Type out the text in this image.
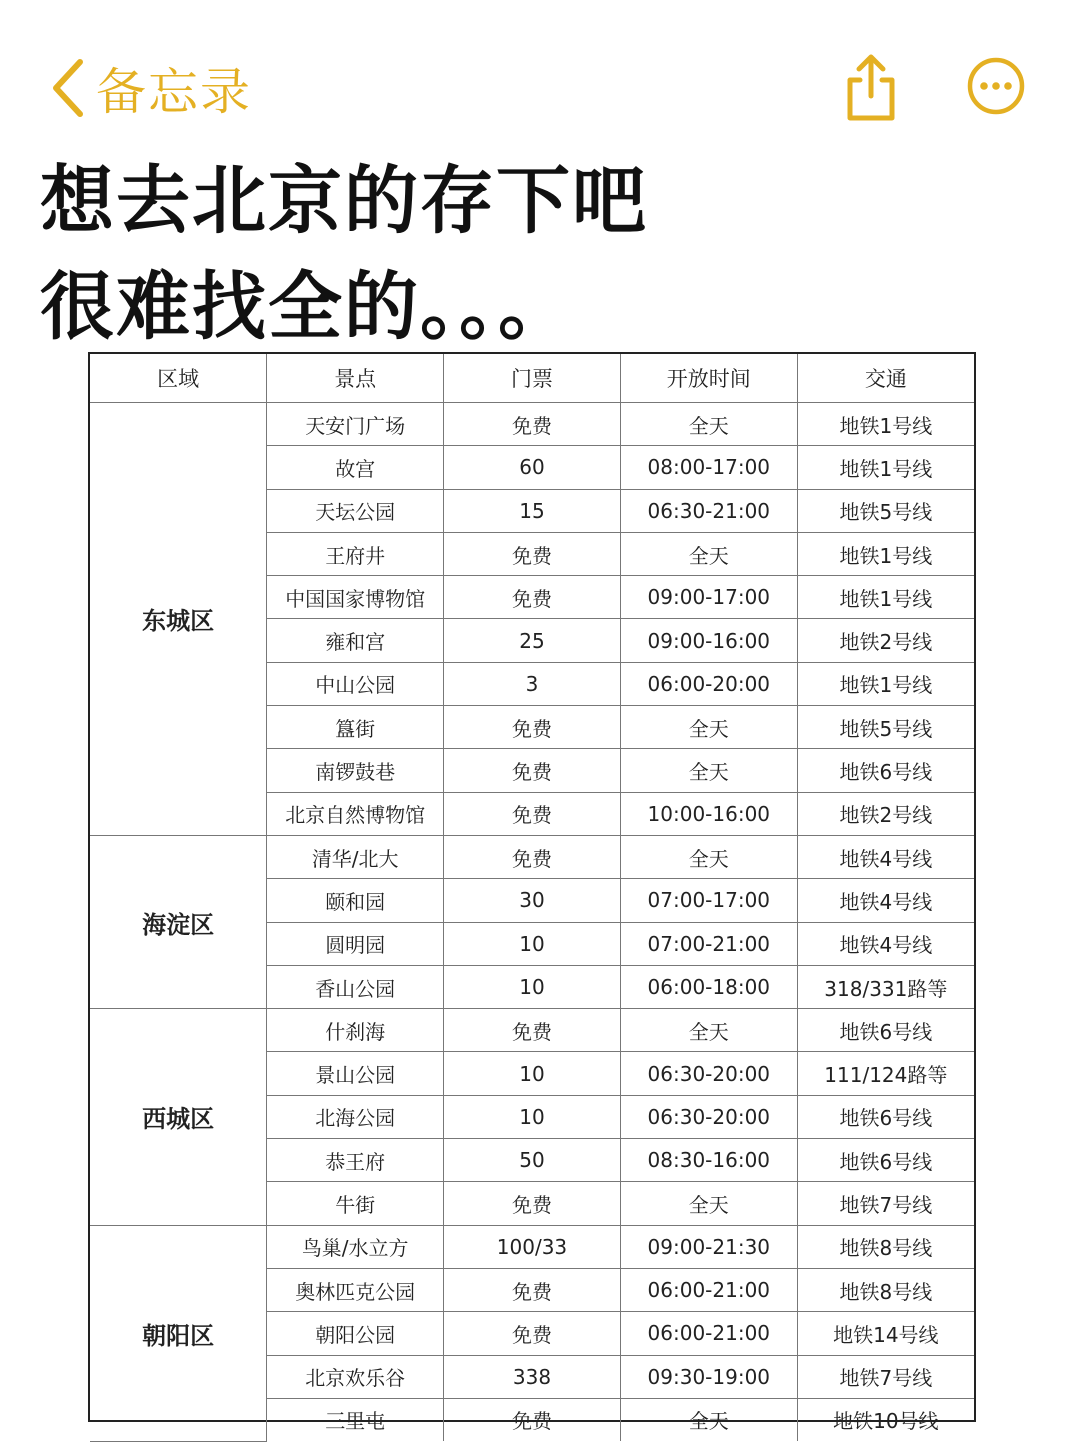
备忘录
想去北京的存下吧
很难找全的。。。
区域	景点	门票	开放时间	交通
东城区	天安门广场	免费	全天	地铁1号线
	故宫	60	08:00-17:00	地铁1号线
	天坛公园	15	06:30-21:00	地铁5号线
	王府井	免费	全天	地铁1号线
	中国国家博物馆	免费	09:00-17:00	地铁1号线
	雍和宫	25	09:00-16:00	地铁2号线
	中山公园	3	06:00-20:00	地铁1号线
	簋街	免费	全天	地铁5号线
	南锣鼓巷	免费	全天	地铁6号线
	北京自然博物馆	免费	10:00-16:00	地铁2号线
海淀区	清华/北大	免费	全天	地铁4号线
	颐和园	30	07:00-17:00	地铁4号线
	圆明园	10	07:00-21:00	地铁4号线
	香山公园	10	06:00-18:00	318/331路等
西城区	什刹海	免费	全天	地铁6号线
	景山公园	10	06:30-20:00	111/124路等
	北海公园	10	06:30-20:00	地铁6号线
	恭王府	50	08:30-16:00	地铁6号线
	牛街	免费	全天	地铁7号线
朝阳区	鸟巢/水立方	100/33	09:00-21:30	地铁8号线
	奥林匹克公园	免费	06:00-21:00	地铁8号线
	朝阳公园	免费	06:00-21:00	地铁14号线
	北京欢乐谷	338	09:30-19:00	地铁7号线
	三里屯	免费	全天	地铁10号线
